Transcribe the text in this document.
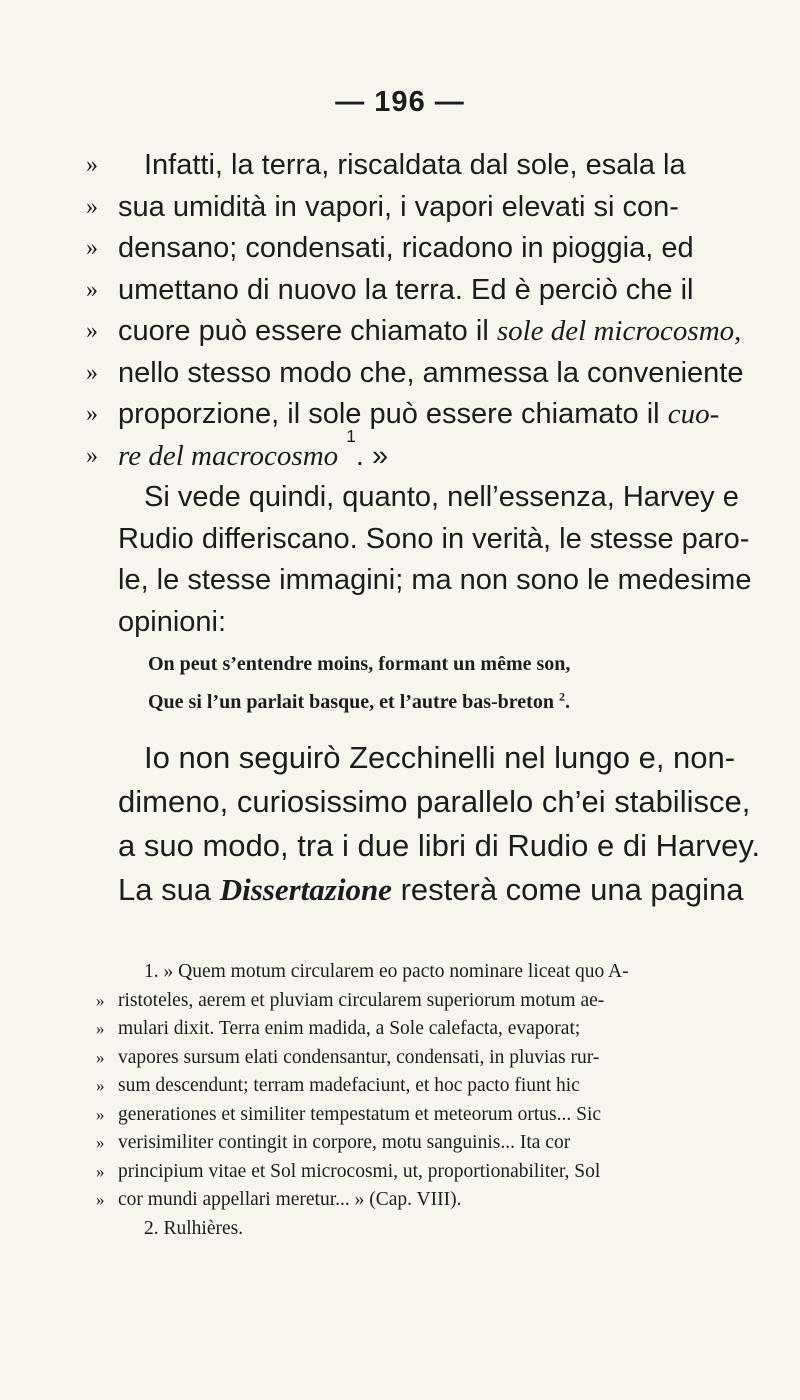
— 196 —
»	Infatti, la terra, riscaldata dal sole, esala la
» sua umidità in vapori, i vapori elevati si con-
» densano; condensati, ricadono in pioggia, ed
» umettano di nuovo la terra. Ed è perciò che il
» cuore può essere chiamato il
sole del microcosmo,
» nello stesso modo che, ammessa la conveniente
» proporzione, il sole può essere chiamato il
cuo-
» re del macrocosmo

1
. »
Si vede quindi, quanto, nell’essenza, Harvey e
Rudio differiscano. Sono in verità, le stesse paro-
le, le stesse immagini; ma non sono le medesime
opinioni:
On peut s’entendre moins, formant un même son,
Que si l’un parlait basque, et l’autre bas-breton $^2$.
Io non seguirò Zecchinelli nel lungo e, non-
dimeno, curiosissimo parallelo ch’ei stabilisce,
a suo modo, tra i due libri di Rudio e di Harvey.
La sua
Dissertazione
resterà come una pagina
1.
»
Quem motum circularem eo pacto nominare liceat quo A-
» ristoteles, aerem et pluviam circularem superiorum motum ae-
» mulari dixit. Terra enim madida, a Sole calefacta, evaporat;
» vapores sursum elati condensantur, condensati, in pluvias rur-
» sum descendunt; terram madefaciunt, et hoc pacto fiunt hic
» generationes et similiter tempestatum et meteorum ortus... Sic
» verisimiliter contingit in corpore, motu sanguinis... Ita cor
» principium vitae et Sol microcosmi, ut, proportionabiliter, Sol
» cor mundi appellari meretur... » (Cap. VIII).
2.
Rulhières.
